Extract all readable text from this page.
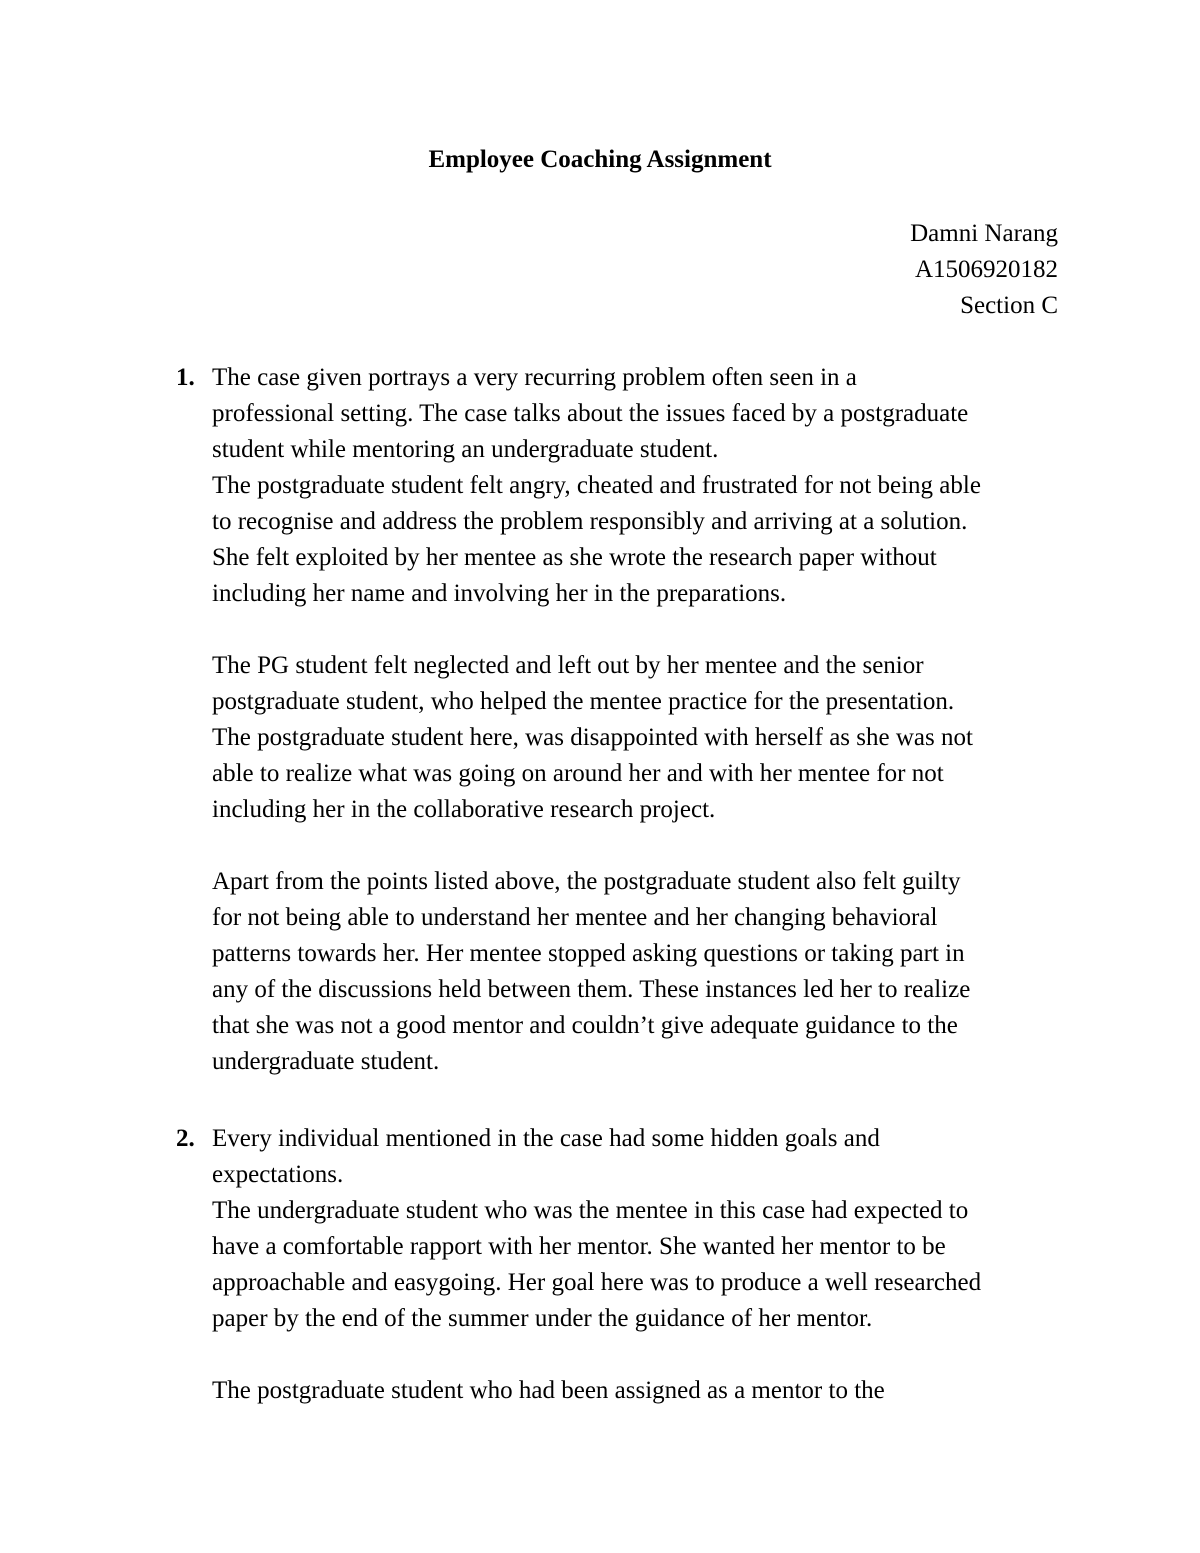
Employee Coaching Assignment
Damni Narang
A1506920182
Section C
1. The case given portrays a very recurring problem often seen in a
professional setting. The case talks about the issues faced by a postgraduate
student while mentoring an undergraduate student.
The postgraduate student felt angry, cheated and frustrated for not being able
to recognise and address the problem responsibly and arriving at a solution.
She felt exploited by her mentee as she wrote the research paper without
including her name and involving her in the preparations.

The PG student felt neglected and left out by her mentee and the senior
postgraduate student, who helped the mentee practice for the presentation.
The postgraduate student here, was disappointed with herself as she was not
able to realize what was going on around her and with her mentee for not
including her in the collaborative research project.

Apart from the points listed above, the postgraduate student also felt guilty
for not being able to understand her mentee and her changing behavioral
patterns towards her. Her mentee stopped asking questions or taking part in
any of the discussions held between them. These instances led her to realize
that she was not a good mentor and couldn’t give adequate guidance to the
undergraduate student.

2. Every individual mentioned in the case had some hidden goals and
expectations.
The undergraduate student who was the mentee in this case had expected to
have a comfortable rapport with her mentor. She wanted her mentor to be
approachable and easygoing. Her goal here was to produce a well researched
paper by the end of the summer under the guidance of her mentor.

The postgraduate student who had been assigned as a mentor to the
